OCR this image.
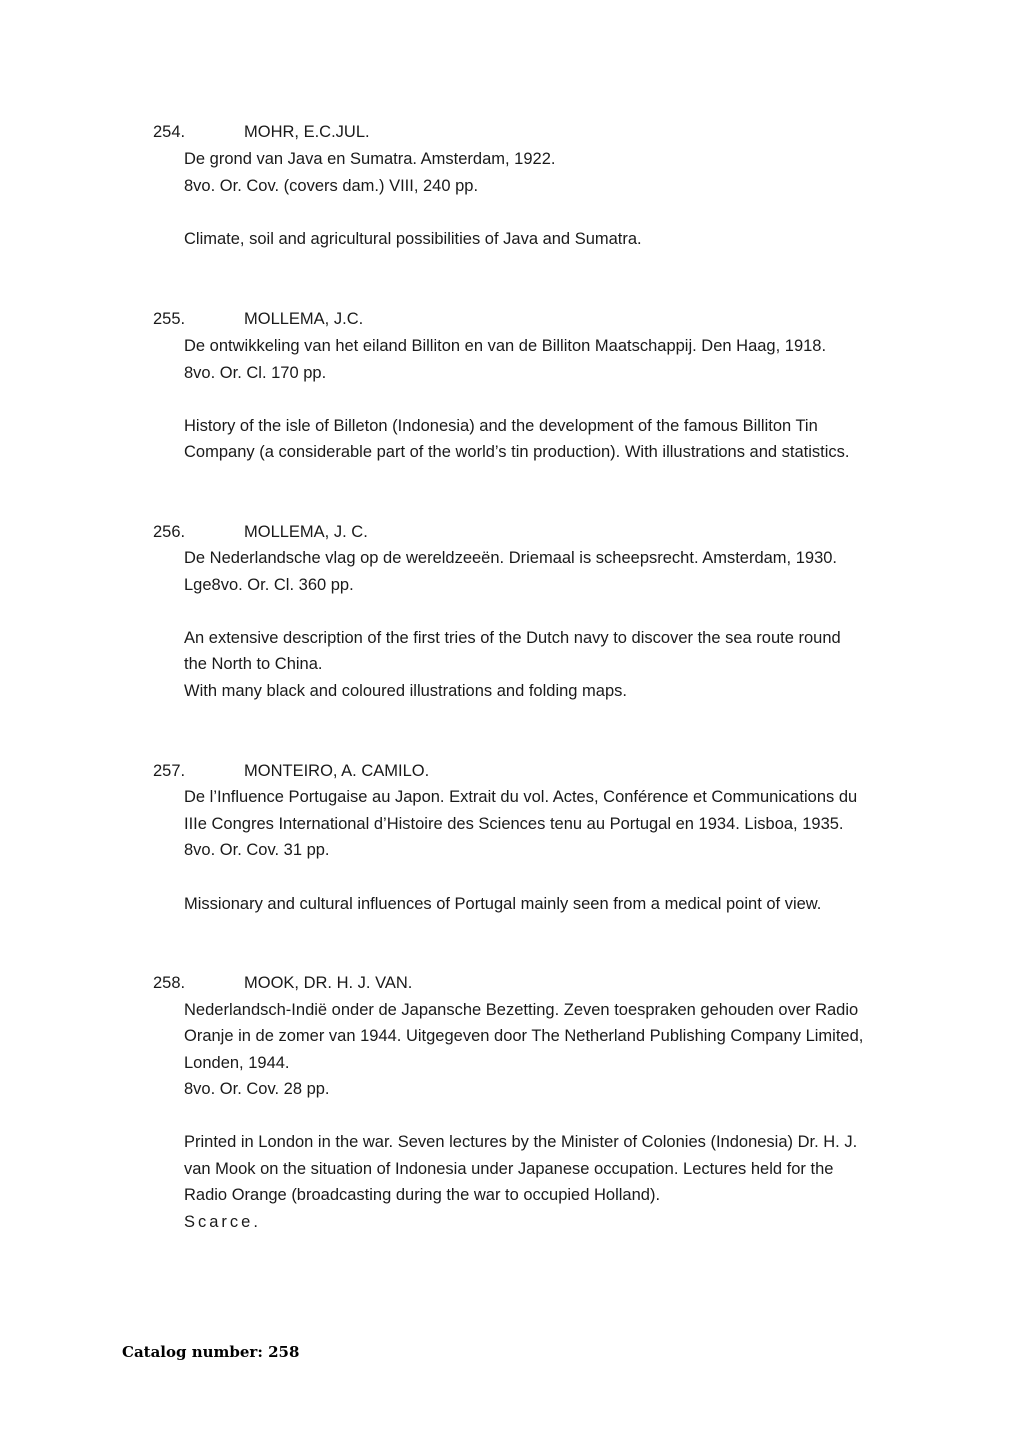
254.	MOHR, E.C.JUL.
De grond van Java en Sumatra. Amsterdam, 1922.
8vo. Or. Cov. (covers dam.) VIII, 240 pp.
Climate, soil and agricultural possibilities of Java and Sumatra.
255.	MOLLEMA, J.C.
De ontwikkeling van het eiland Billiton en van de Billiton Maatschappij. Den Haag, 1918.
8vo. Or. Cl. 170 pp.
History of the isle of Billeton (Indonesia) and the development of the famous Billiton Tin
Company (a considerable part of the world’s tin production). With illustrations and statistics.
256.	MOLLEMA, J. C.
De Nederlandsche vlag op de wereldzeeën. Driemaal is scheepsrecht. Amsterdam, 1930.
Lge8vo. Or. Cl. 360 pp.
An extensive description of the first tries of the Dutch navy to discover the sea route round
the North to China.
With many black and coloured illustrations and folding maps.
257.	MONTEIRO, A. CAMILO.
De l’Influence Portugaise au Japon. Extrait du vol. Actes, Conférence et Communications du
IIIe Congres International d’Histoire des Sciences tenu au Portugal en 1934. Lisboa, 1935.
8vo. Or. Cov. 31 pp.
Missionary and cultural influences of Portugal mainly seen from a medical point of view.
258.	MOOK, DR. H. J. VAN.
Nederlandsch-Indië onder de Japansche Bezetting. Zeven toespraken gehouden over Radio
Oranje in de zomer van 1944. Uitgegeven door The Netherland Publishing Company Limited,
Londen, 1944.
8vo. Or. Cov. 28 pp.
Printed in London in the war. Seven lectures by the Minister of Colonies (Indonesia) Dr. H. J.
van Mook on the situation of Indonesia under Japanese occupation. Lectures held for the
Radio Orange (broadcasting during the war to occupied Holland).
Scarce.
Catalog number: 258
